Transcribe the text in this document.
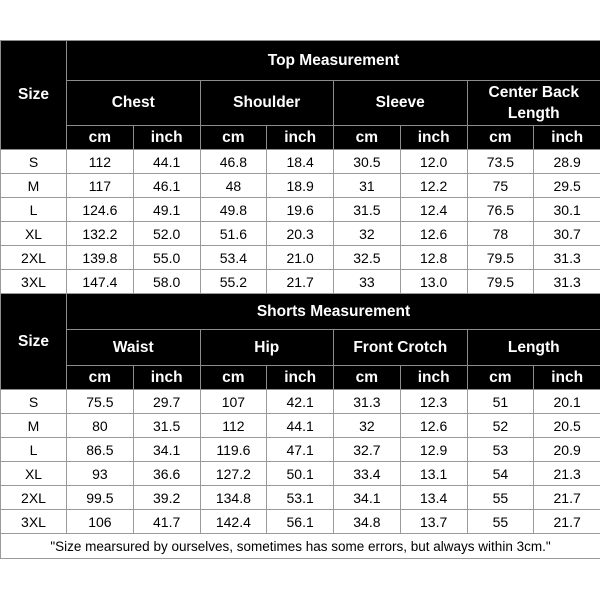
Size	Top Measurement							
	Chest		Shoulder		Sleeve		Center Back Length	
	cm	inch	cm	inch	cm	inch	cm	inch
S	112	44.1	46.8	18.4	30.5	12.0	73.5	28.9
M	117	46.1	48	18.9	31	12.2	75	29.5
L	124.6	49.1	49.8	19.6	31.5	12.4	76.5	30.1
XL	132.2	52.0	51.6	20.3	32	12.6	78	30.7
2XL	139.8	55.0	53.4	21.0	32.5	12.8	79.5	31.3
3XL	147.4	58.0	55.2	21.7	33	13.0	79.5	31.3
Size	Shorts Measurement							
	Waist		Hip		Front Crotch		Length	
	cm	inch	cm	inch	cm	inch	cm	inch
S	75.5	29.7	107	42.1	31.3	12.3	51	20.1
M	80	31.5	112	44.1	32	12.6	52	20.5
L	86.5	34.1	119.6	47.1	32.7	12.9	53	20.9
XL	93	36.6	127.2	50.1	33.4	13.1	54	21.3
2XL	99.5	39.2	134.8	53.1	34.1	13.4	55	21.7
3XL	106	41.7	142.4	56.1	34.8	13.7	55	21.7
"Size mearsured by ourselves, sometimes has some errors, but always within 3cm."								
